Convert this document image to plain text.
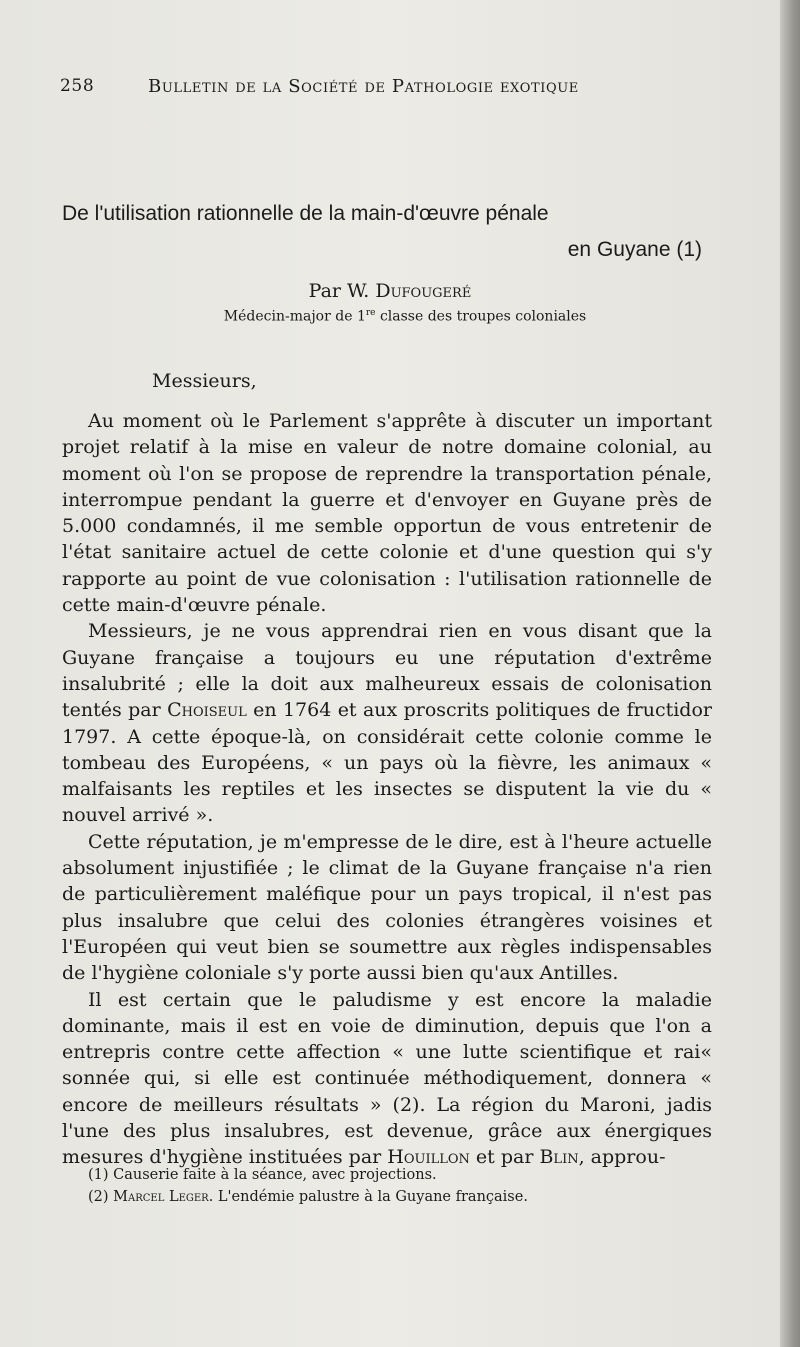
258	Bulletin de la Société de Pathologie exotique
De l'utilisation rationnelle de la main-d'œuvre pénale
en Guyane (1)
Par W. Dufougeré
Médecin-major de 1re classe des troupes coloniales
Messieurs,

Au moment où le Parlement s'apprête à discuter un important projet relatif à la mise en valeur de notre domaine colonial, au moment où l'on se propose de reprendre la transportation pénale, interrompue pendant la guerre et d'envoyer en Guyane près de 5.000 condamnés, il me semble opportun de vous entretenir de l'état sanitaire actuel de cette colonie et d'une question qui s'y rapporte au point de vue colonisation : l'utilisation rationnelle de cette main-d'œuvre pénale.

Messieurs, je ne vous apprendrai rien en vous disant que la Guyane française a toujours eu une réputation d'extrême insalubrité ; elle la doit aux malheureux essais de colonisation tentés par Choiseul en 1764 et aux proscrits politiques de fructidor 1797. A cette époque-là, on considérait cette colonie comme le tombeau des Européens, « un pays où la fièvre, les animaux « malfaisants les reptiles et les insectes se disputent la vie du « nouvel arrivé ».

Cette réputation, je m'empresse de le dire, est à l'heure actuelle absolument injustifiée ; le climat de la Guyane française n'a rien de particulièrement maléfique pour un pays tropical, il n'est pas plus insalubre que celui des colonies étrangères voisines et l'Européen qui veut bien se soumettre aux règles indispensables de l'hygiène coloniale s'y porte aussi bien qu'aux Antilles.

Il est certain que le paludisme y est encore la maladie dominante, mais il est en voie de diminution, depuis que l'on a entrepris contre cette affection « une lutte scientifique et rai« sonnée qui, si elle est continuée méthodiquement, donnera « encore de meilleurs résultats » (2). La région du Maroni, jadis l'une des plus insalubres, est devenue, grâce aux énergiques mesures d'hygiène instituées par Houillon et par Blin, approu-

(1) Causerie faite à la séance, avec projections.

(2) Marcel Leger. L'endémie palustre à la Guyane française.
